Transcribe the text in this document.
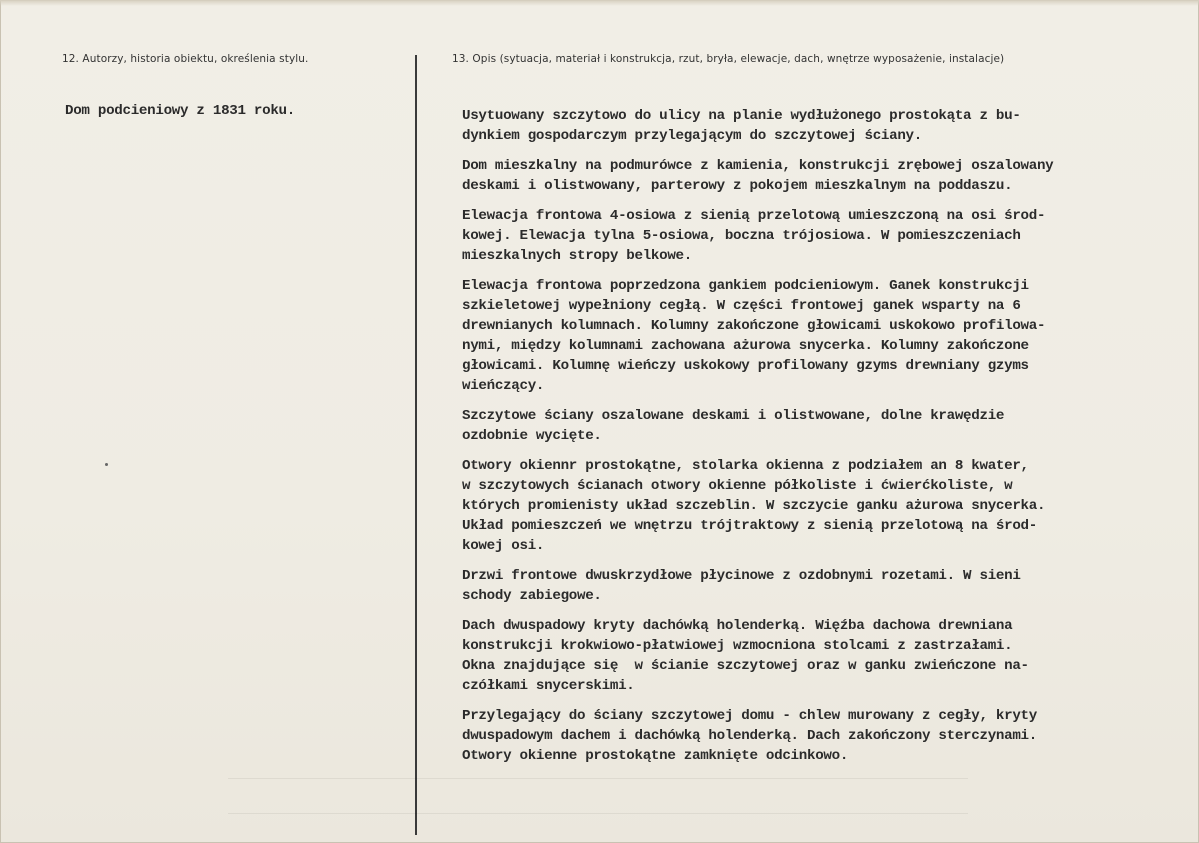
12. Autorzy, historia obiektu, określenia stylu.	13. Opis (sytuacja, materiał i konstrukcja, rzut, bryła, elewacje, dach, wnętrze wyposażenie, instalacje)
Dom podcieniowy z 1831 roku.	Usytuowany szczytowo do ulicy na planie wydłużonego prostokąta z bu-
dynkiem gospodarczym przylegającym do szczytowej ściany.

Dom mieszkalny na podmurówce z kamienia, konstrukcji zrębowej oszalowany
deskami i olistwowany, parterowy z pokojem mieszkalnym na poddaszu.

Elewacja frontowa 4-osiowa z sienią przelotową umieszczoną na osi środ-
kowej. Elewacja tylna 5-osiowa, boczna trójosiowa. W pomieszczeniach
mieszkalnych stropy belkowe.

Elewacja frontowa poprzedzona gankiem podcieniowym. Ganek konstrukcji
szkieletowej wypełniony cegłą. W części frontowej ganek wsparty na 6
drewnianych kolumnach. Kolumny zakończone głowicami uskokowo profilowa-
nymi, między kolumnami zachowana ażurowa snycerka. Kolumny zakończone
głowicami. Kolumnę wieńczy uskokowy profilowany gzyms drewniany gzyms
wieńczący.

Szczytowe ściany oszalowane deskami i olistwowane, dolne krawędzie
ozdobnie wycięte.

Otwory okiennr prostokątne, stolarka okienna z podziałem an 8 kwater,
w szczytowych ścianach otwory okienne półkoliste i ćwierćkoliste, w
których promienisty układ szczeblin. W szczycie ganku ażurowa snycerka.
Układ pomieszczeń we wnętrzu trójtraktowy z sienią przelotową na środ-
kowej osi.

Drzwi frontowe dwuskrzydłowe płycinowe z ozdobnymi rozetami. W sieni
schody zabiegowe.

Dach dwuspadowy kryty dachówką holenderką. Więźba dachowa drewniana
konstrukcji krokwiowo-płatwiowej wzmocniona stolcami z zastrzałami.
Okna znajdujące się  w ścianie szczytowej oraz w ganku zwieńczone na-
czółkami snycerskimi.

Przylegający do ściany szczytowej domu - chlew murowany z cegły, kryty
dwuspadowym dachem i dachówką holenderką. Dach zakończony sterczynami.
Otwory okienne prostokątne zamknięte odcinkowo.
